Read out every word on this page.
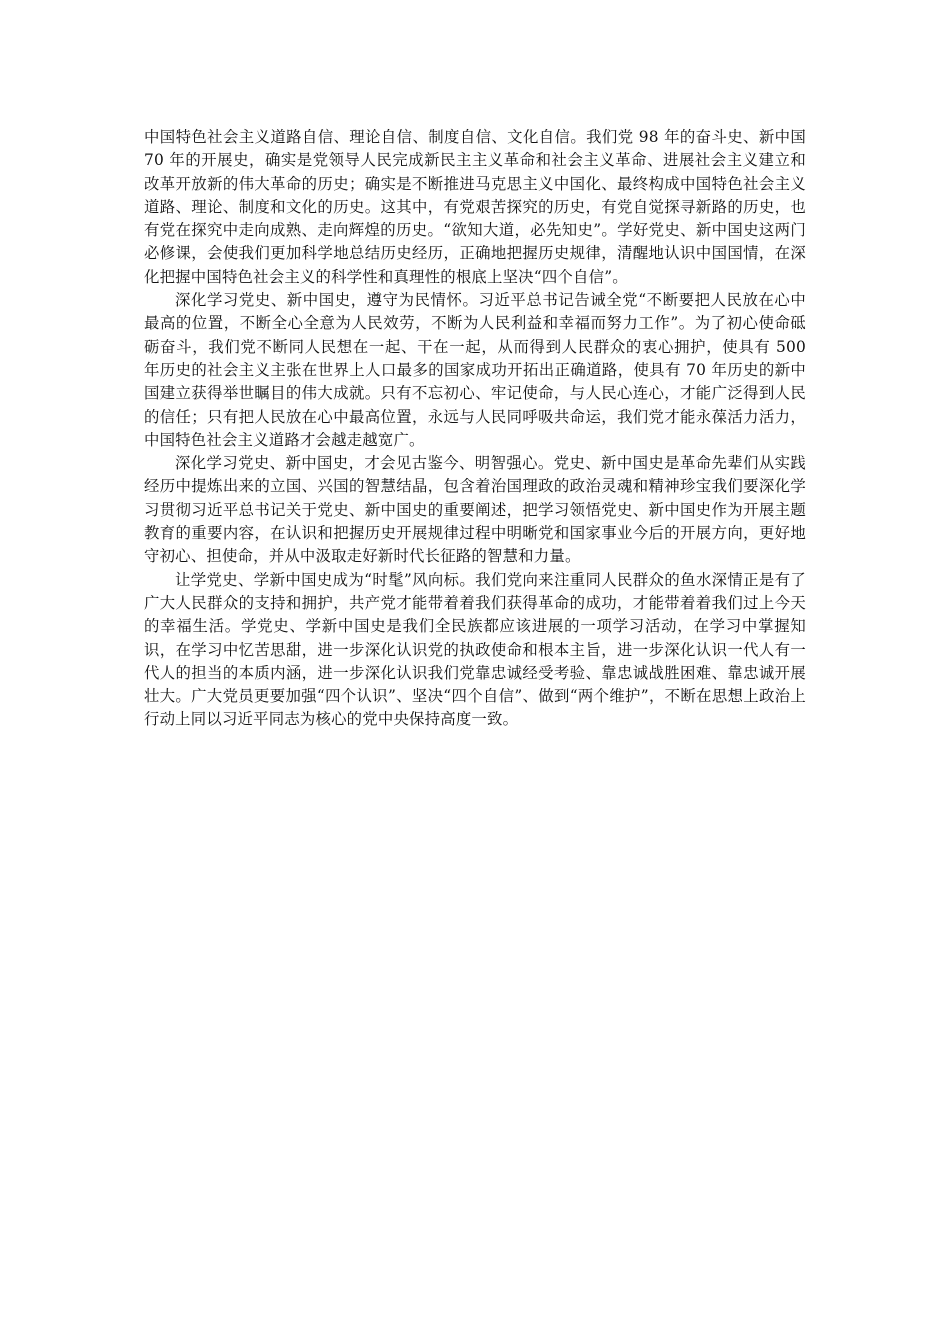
中国特色社会主义道路自信、理论自信、制度自信、文化自信。我们党 98 年的奋斗史、新中国 70 年的开展史，确实是党领导人民完成新民主主义革命和社会主义革命、进展社会主义建立和改革开放新的伟大革命的历史；确实是不断推进马克思主义中国化、最终构成中国特色社会主义道路、理论、制度和文化的历史。这其中，有党艰苦探究的历史，有党自觉探寻新路的历史，也有党在探究中走向成熟、走向辉煌的历史。“欲知大道，必先知史”。学好党史、新中国史这两门必修课，会使我们更加科学地总结历史经历，正确地把握历史规律，清醒地认识中国国情，在深化把握中国特色社会主义的科学性和真理性的根底上坚决“四个自信”。

深化学习党史、新中国史，遵守为民情怀。习近平总书记告诫全党“不断要把人民放在心中最高的位置，不断全心全意为人民效劳，不断为人民利益和幸福而努力工作”。为了初心使命砥砺奋斗，我们党不断同人民想在一起、干在一起，从而得到人民群众的衷心拥护，使具有 500 年历史的社会主义主张在世界上人口最多的国家成功开拓出正确道路，使具有 70 年历史的新中国建立获得举世瞩目的伟大成就。只有不忘初心、牢记使命，与人民心连心，才能广泛得到人民的信任；只有把人民放在心中最高位置，永远与人民同呼吸共命运，我们党才能永葆活力活力，中国特色社会主义道路才会越走越宽广。

深化学习党史、新中国史，才会见古鉴今、明智强心。党史、新中国史是革命先辈们从实践经历中提炼出来的立国、兴国的智慧结晶，包含着治国理政的政治灵魂和精神珍宝我们要深化学习贯彻习近平总书记关于党史、新中国史的重要阐述，把学习领悟党史、新中国史作为开展主题教育的重要内容，在认识和把握历史开展规律过程中明晰党和国家事业今后的开展方向，更好地守初心、担使命，并从中汲取走好新时代长征路的智慧和力量。

让学党史、学新中国史成为“时髦”风向标。我们党向来注重同人民群众的鱼水深情正是有了广大人民群众的支持和拥护，共产党才能带着着我们获得革命的成功，才能带着着我们过上今天的幸福生活。学党史、学新中国史是我们全民族都应该进展的一项学习活动，在学习中掌握知识，在学习中忆苦思甜，进一步深化认识党的执政使命和根本主旨，进一步深化认识一代人有一代人的担当的本质内涵，进一步深化认识我们党靠忠诚经受考验、靠忠诚战胜困难、靠忠诚开展壮大。广大党员更要加强“四个认识”、坚决“四个自信”、做到“两个维护”，不断在思想上政治上行动上同以习近平同志为核心的党中央保持高度一致。
